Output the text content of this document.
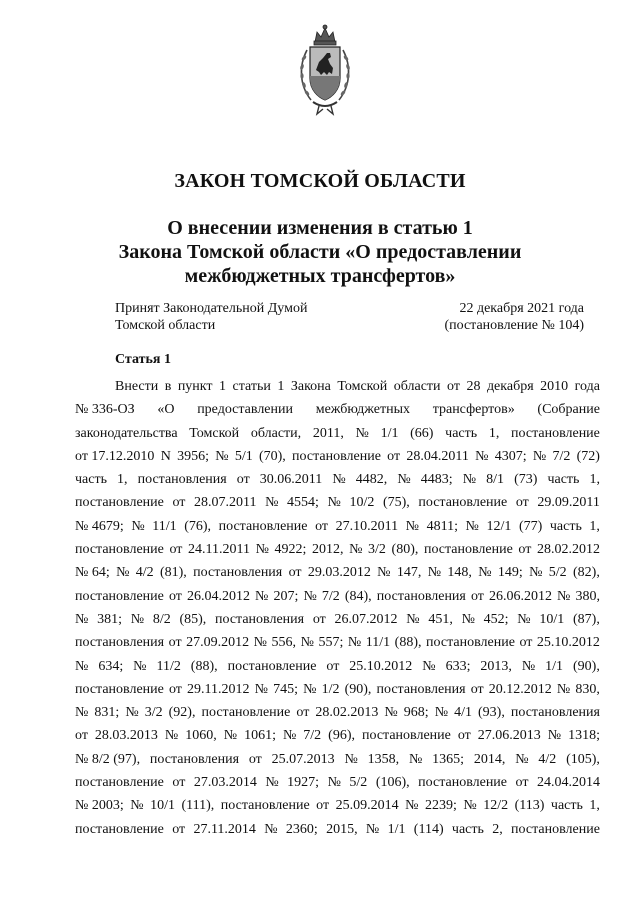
ЗАКОН ТОМСКОЙ ОБЛАСТИ
О внесении изменения в статью 1
Закона Томской области «О предоставлении
межбюджетных трансфертов»
Принят Законодательной Думой
Томской области
22 декабря 2021 года
(постановление № 104)
Статья 1
Внести в пункт 1 статьи 1 Закона Томской области от 28 декабря 2010 года
№ 336-ОЗ «О предоставлении межбюджетных трансфертов» (Собрание
законодательства Томской области, 2011, № 1/1 (66) часть 1, постановление
от 17.12.2010 N 3956; № 5/1 (70), постановление от 28.04.2011 № 4307; № 7/2 (72)
часть 1, постановления от 30.06.2011 № 4482, № 4483; № 8/1 (73) часть 1,
постановление от 28.07.2011 № 4554; № 10/2 (75), постановление от 29.09.2011
№ 4679; № 11/1 (76), постановление от 27.10.2011 № 4811; № 12/1 (77) часть 1,
постановление от 24.11.2011 № 4922; 2012, № 3/2 (80), постановление от 28.02.2012
№ 64; № 4/2 (81), постановления от 29.03.2012 № 147, № 148, № 149; № 5/2 (82),
постановление от 26.04.2012 № 207; № 7/2 (84), постановления от 26.06.2012 № 380,
№ 381; № 8/2 (85), постановления от 26.07.2012 № 451, № 452; № 10/1 (87),
постановления от 27.09.2012 № 556, № 557; № 11/1 (88), постановление от 25.10.2012
№ 634; № 11/2 (88), постановление от 25.10.2012 № 633; 2013, № 1/1 (90),
постановление от 29.11.2012 № 745; № 1/2 (90), постановления от 20.12.2012 № 830,
№ 831; № 3/2 (92), постановление от 28.02.2013 № 968; № 4/1 (93), постановления
от 28.03.2013 № 1060, № 1061; № 7/2 (96), постановление от 27.06.2013 № 1318;
№ 8/2 (97), постановления от 25.07.2013 № 1358, № 1365; 2014, № 4/2 (105),
постановление от 27.03.2014 № 1927; № 5/2 (106), постановление от 24.04.2014
№ 2003; № 10/1 (111), постановление от 25.09.2014 № 2239; № 12/2 (113) часть 1,
постановление от 27.11.2014 № 2360; 2015, № 1/1 (114) часть 2, постановление
